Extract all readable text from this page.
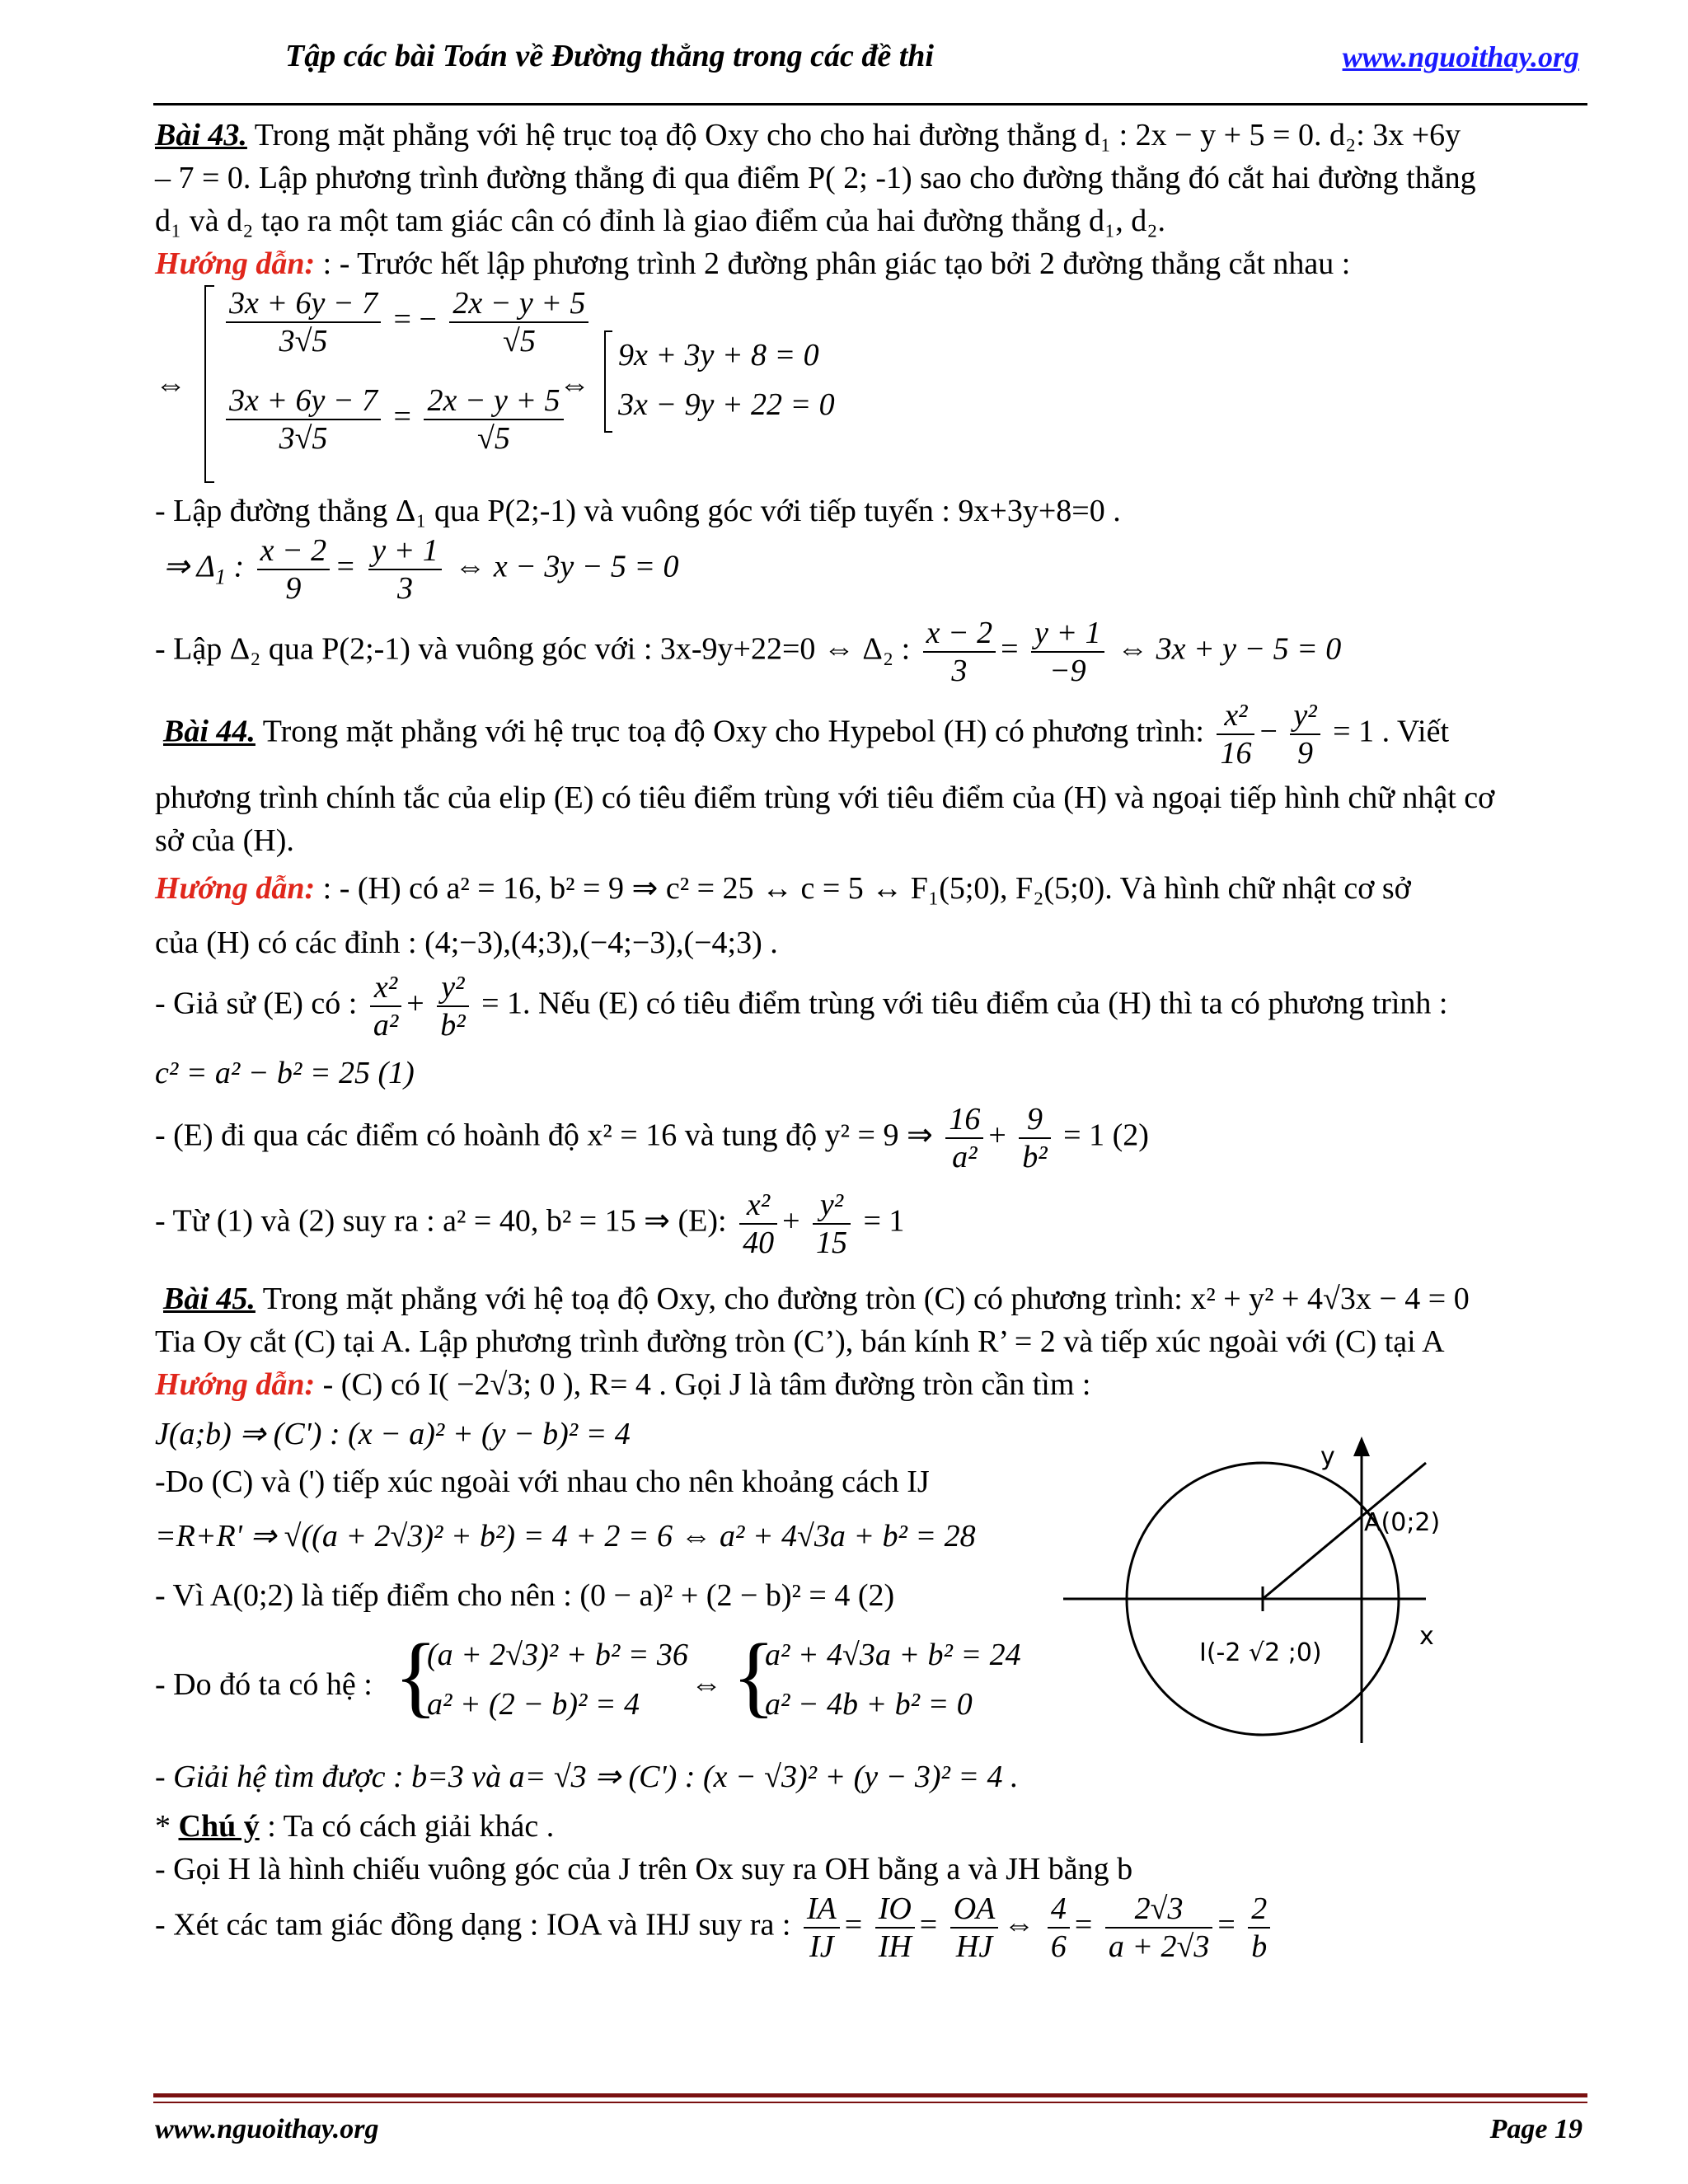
Tập các bài Toán về Đường thẳng trong các đề thi	www.nguoithay.org

Bài 43. Trong mặt phẳng với hệ trục toạ độ Oxy cho cho hai đường thẳng d₁ : 2x − y + 5 = 0. d₂: 3x +6y

– 7 = 0. Lập phương trình đường thẳng đi qua điểm P( 2; -1) sao cho đường thẳng đó cắt hai đường thẳng

d₁ và d₂ tạo ra một tam giác cân có đỉnh là giao điểm của hai đường thẳng d₁, d₂.

Hướng dẫn: : - Trước hết lập phương trình 2 đường phân giác tạo bởi 2 đường thẳng cắt nhau :

⇔
$\frac{3x + 6y - 7}{3√5}$ = − $\frac{2x - y + 5}{√5}$
$\frac{3x + 6y - 7}{3√5} = \frac{2x - y + 5}{√5}$
⇔
9x + 3y + 8 = 0
3x − 9y + 22 = 0

- Lập đường thẳng Δ₁ qua P(2;-1) và vuông góc với tiếp tuyến : 9x+3y+8=0 .

⇒ $\Delta_1$ : $\frac{x - 2}{9} = \frac{y + 1}{3}$ ⇔ x − 3y − 5 = 0
- Lập Δ₂ qua P(2;-1) và vuông góc với : 3x-9y+22=0 ⇔ Δ₂ : $\frac{x - 2}{3} = \frac{y + 1}{-9}$ ⇔ 3x + y − 5 = 0
Bài 44. Trong mặt phẳng với hệ trục toạ độ Oxy cho Hypebol (H) có phương trình: $\frac{\text{x²}}{16} - \frac{\text{y²}}{9} = 1$ . Viết

phương trình chính tắc của elip (E) có tiêu điểm trùng với tiêu điểm của (H) và ngoại tiếp hình chữ nhật cơ

sở của (H).

Hướng dẫn: : - (H) có a² = 16, b² = 9 ⇒ c² = 25 ↔ c = 5 ↔ F₁(5;0), F₂(5;0). Và hình chữ nhật cơ sở

của (H) có các đỉnh : (4;−3),(4;3),(−4;−3),(−4;3) .

- Giả sử (E) có : $\frac{\text{x²}}{\text{a²}} + \frac{\text{y²}}{\text{b²}} = 1$. Nếu (E) có tiêu điểm trùng với tiêu điểm của (H) thì ta có phương trình :

c² = a² − b² = 25 (1)

- (E) đi qua các điểm có hoành độ x² = 16 và tung độ y² = 9 ⇒ $\frac{16}{\text{a²}} + \frac{9}{\text{b²}} = 1$ (2)
- Từ (1) và (2) suy ra : a² = 40, b² = 15 ⇒ (E): $\frac{\text{x²}}{40} + \frac{\text{y²}}{15} = 1$

Bài 45. Trong mặt phẳng với hệ toạ độ Oxy, cho đường tròn (C) có phương trình: x² + y² + 4√3x − 4 = 0

Tia Oy cắt (C) tại A. Lập phương trình đường tròn (C’), bán kính R’ = 2 và tiếp xúc ngoài với (C) tại A

Hướng dẫn: - (C) có I( −2√3; 0 ), R= 4 . Gọi J là tâm đường tròn cần tìm :

J(a;b) ⇒ (C') : (x − a)² + (y − b)² = 4

-Do (C) và (') tiếp xúc ngoài với nhau cho nên khoảng cách IJ

=R+R' ⇒ √((a + 2√3)² + b²) = 4 + 2 = 6 ⇔ a² + 4√3a + b² = 28

- Vì A(0;2) là tiếp điểm cho nên : (0 − a)² + (2 − b)² = 4 (2)

- Do đó ta có hệ : {
(a + 2√3)² + b² = 36
a² + (2 − b)² = 4
⇔ {
a² + 4√3a + b² = 24
a² − 4b + b² = 0

- Giải hệ tìm được : b=3 và a= √3 ⇒ (C') : (x − √3)² + (y − 3)² = 4 .

* Chú ý : Ta có cách giải khác .

- Gọi H là hình chiếu vuông góc của J trên Ox suy ra OH bằng a và JH bằng b

- Xét các tam giác đồng dạng : IOA và IHJ suy ra : $\frac{IA}{IJ} = \frac{IO}{IH} = \frac{OA}{HJ}$ ⇔ $\frac{4}{6} = \frac{2√3}{a + 2√3} = \frac{2}{b}$
y
x
A(0;2)
I(-2 √2 ;0)
www.nguoithay.org	Page 19
